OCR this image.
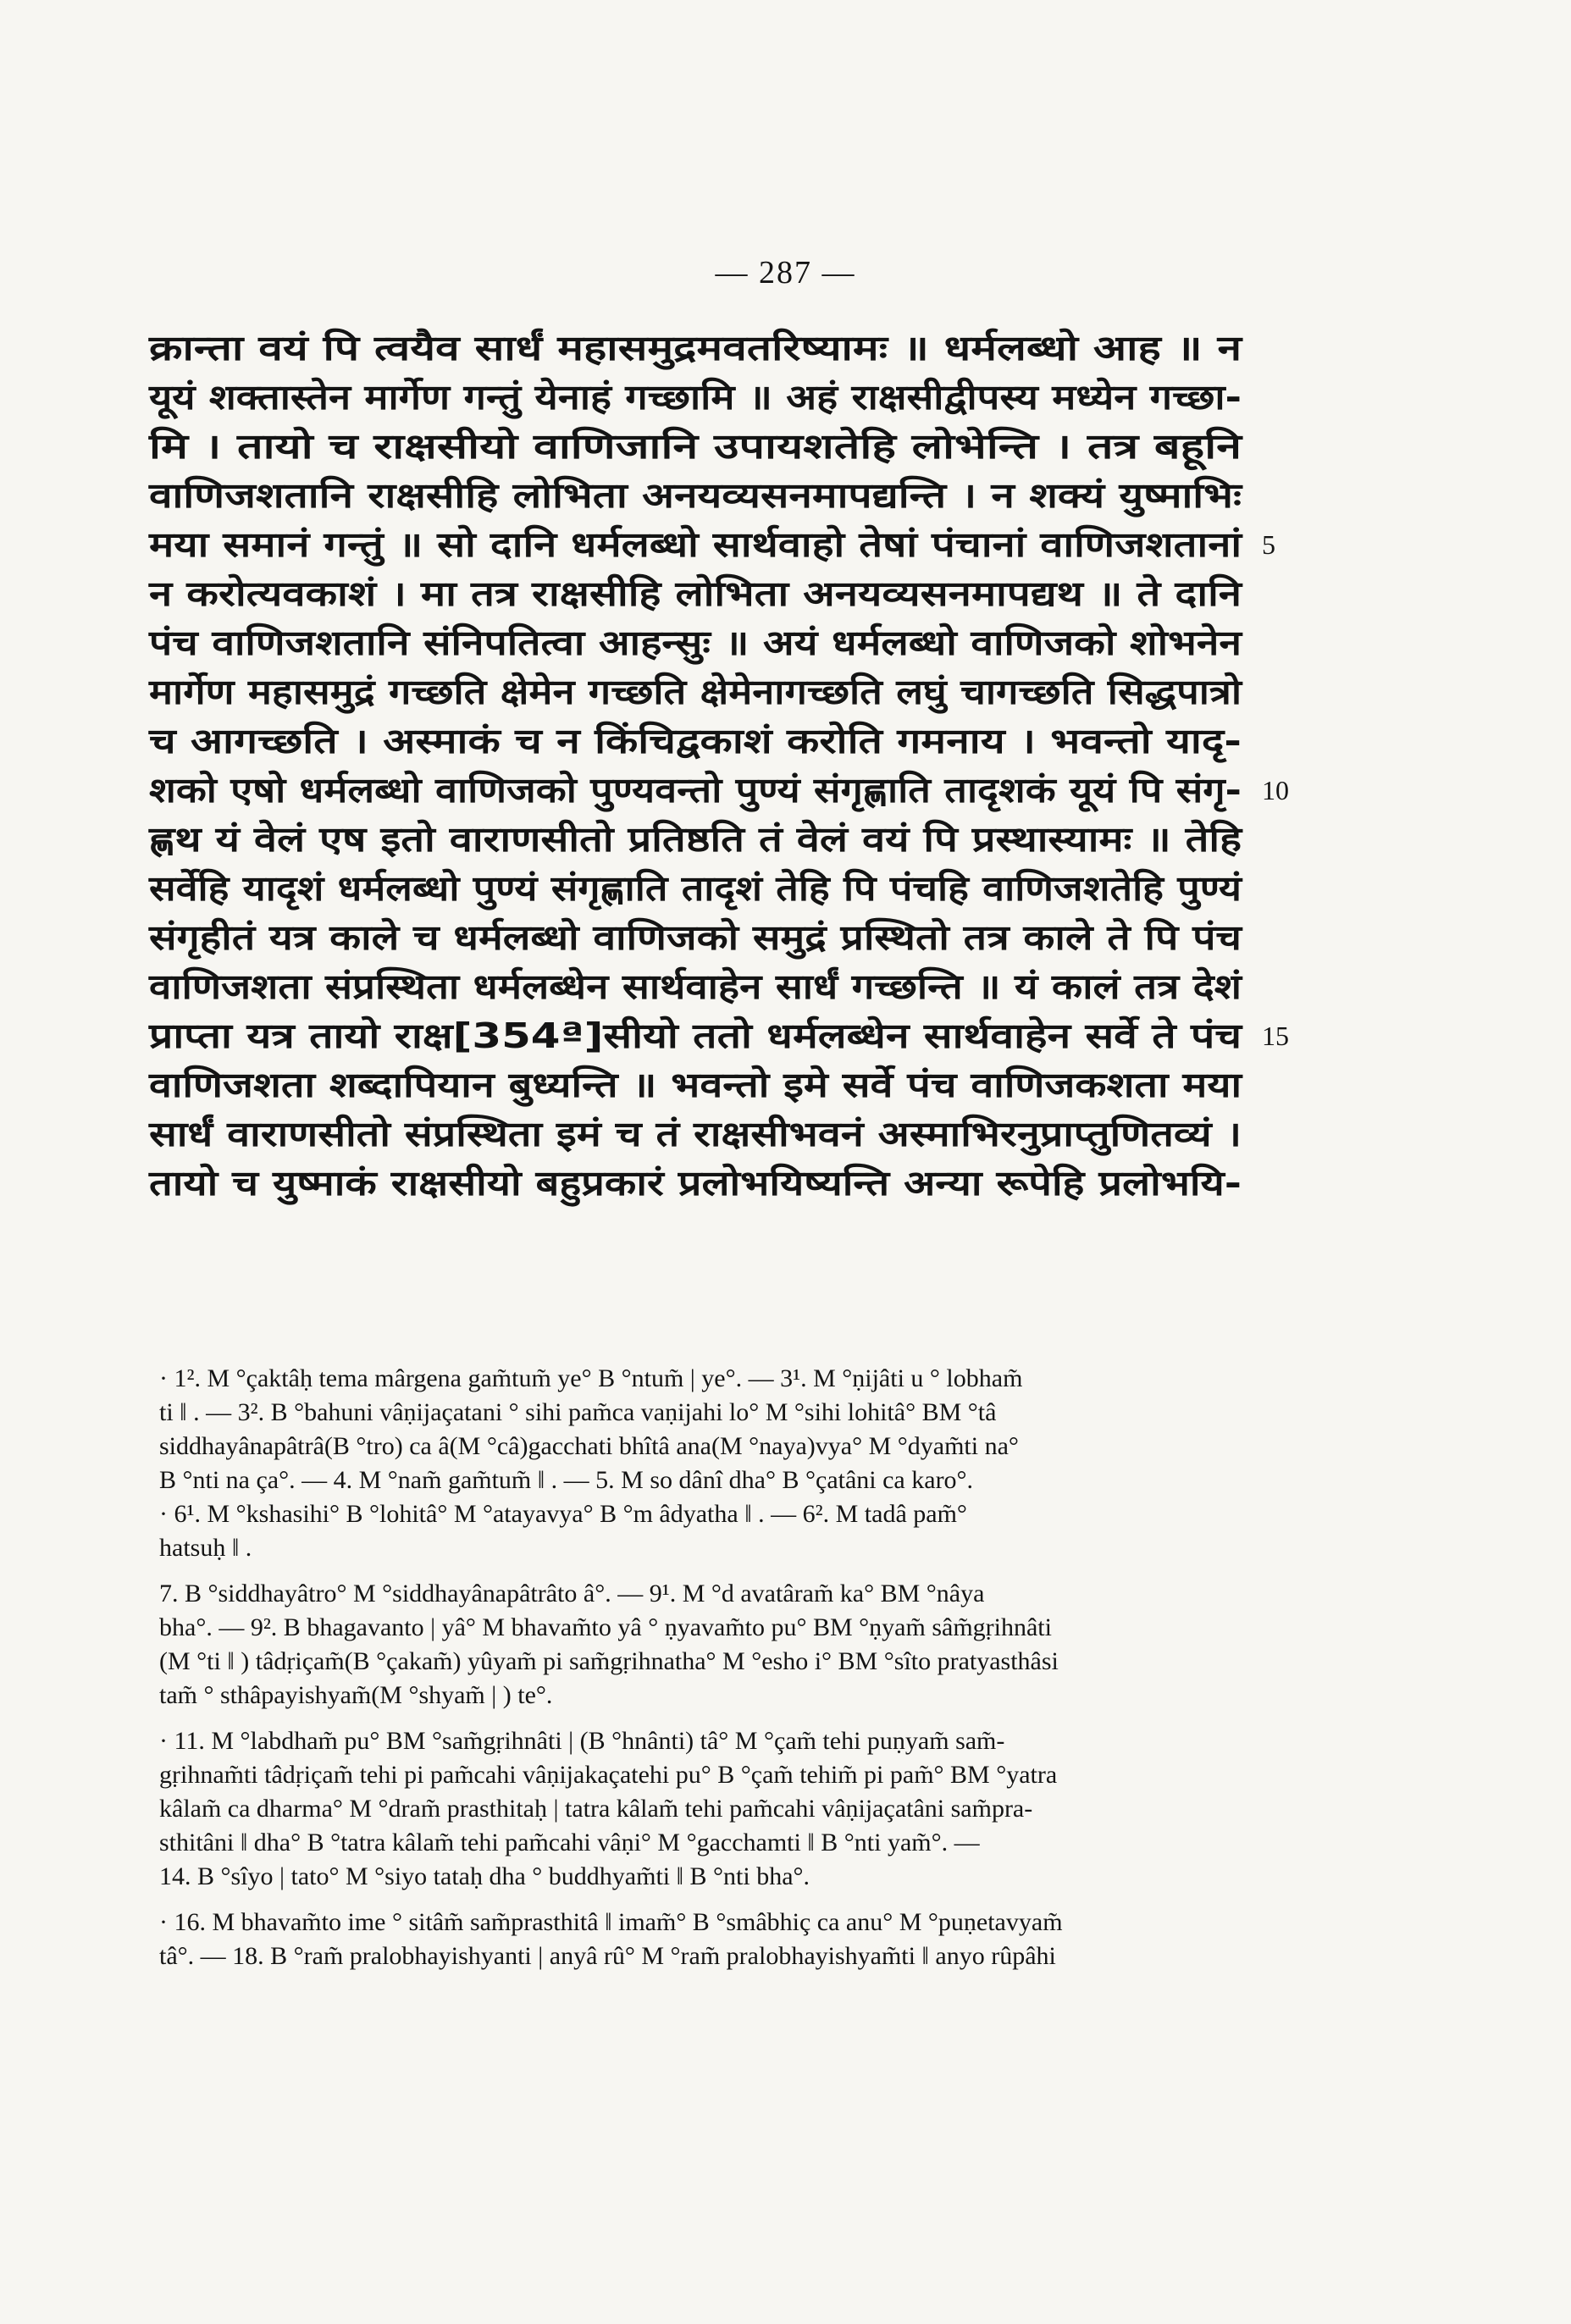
— 287 —
क्रान्ता वयं पि त्वयैव सार्धं महासमुद्रमवतरिष्यामः ॥ धर्मलब्धो आह ॥ न
यूयं शक्तास्तेन मार्गेण गन्तुं येनाहं गच्छामि ॥ अहं राक्षसीद्वीपस्य मध्येन गच्छा-
मि । तायो च राक्षसीयो वाणिजानि उपायशतेहि लोभेन्ति । तत्र बहूनि
वाणिजशतानि राक्षसीहि लोभिता अनयव्यसनमापद्यन्ति । न शक्यं युष्माभिः
मया समानं गन्तुं ॥ सो दानि धर्मलब्धो सार्थवाहो तेषां पंचानां वाणिजशतानां 5
न करोत्यवकाशं । मा तत्र राक्षसीहि लोभिता अनयव्यसनमापद्यथ ॥ ते दानि
पंच वाणिजशतानि संनिपतित्वा आहन्सुः ॥ अयं धर्मलब्धो वाणिजको शोभनेन
मार्गेण महासमुद्रं गच्छति क्षेमेन गच्छति क्षेमेनागच्छति लघुं चागच्छति सिद्धपात्रो
च आगच्छति । अस्माकं च न किंचिद्वकाशं करोति गमनाय । भवन्तो यादृ-
शको एषो धर्मलब्धो वाणिजको पुण्यवन्तो पुण्यं संगृह्णाति तादृशकं यूयं पि संगृ- 10
ह्णथ यं वेलं एष इतो वाराणसीतो प्रतिष्ठति तं वेलं वयं पि प्रस्थास्यामः ॥ तेहि
सर्वेहि यादृशं धर्मलब्धो पुण्यं संगृह्णाति तादृशं तेहि पि पंचहि वाणिजशतेहि पुण्यं
संगृहीतं यत्र काले च धर्मलब्धो वाणिजको समुद्रं प्रस्थितो तत्र काले ते पि पंच
वाणिजशता संप्रस्थिता धर्मलब्धेन सार्थवाहेन सार्धं गच्छन्ति ॥ यं कालं तत्र देशं
प्राप्ता यत्र तायो राक्ष[354ª]सीयो ततो धर्मलब्धेन सार्थवाहेन सर्वे ते पंच 15
वाणिजशता शब्दापियान बुध्यन्ति ॥ भवन्तो इमे सर्वे पंच वाणिजकशता मया
सार्धं वाराणसीतो संप्रस्थिता इमं च तं राक्षसीभवनं अस्माभिरनुप्राप्तुणितव्यं ।
तायो च युष्माकं राक्षसीयो बहुप्रकारं प्रलोभयिष्यन्ति अन्या रूपेहि प्रलोभयि-
· 1². M °çaktâḥ tema mârgena gam̃tum̃ ye° B °ntum̃ | ye°. — 3¹. M °ṇijâti u ° lobham̃
ti ‖ . — 3². B °bahuni vâṇijaçatani ° sihi pam̃ca vaṇijahi lo° M °sihi lohitâ° BM °tâ
siddhayânapâtrâ(B °tro) ca â(M °câ)gacchati bhîtâ ana(M °naya)vya° M °dyam̃ti na°
B °nti na ça°. — 4. M °nam̃ gam̃tum̃ ‖ . — 5. M so dânî dha° B °çatâni ca karo°.
· 6¹. M °kshasihi° B °lohitâ° M °atayavya° B °m âdyatha ‖ . — 6². M tadâ pam̃°
hatsuḥ ‖ .
7. B °siddhayâtro° M °siddhayânapâtrâto â°. — 9¹. M °d avatâram̃ ka° BM °nâya
bha°. — 9². B bhagavanto | yâ° M bhavam̃to yâ ° ṇyavam̃to pu° BM °ṇyam̃ sâm̃gṛihnâti
(M °ti ‖ ) tâdṛiçam̃(B °çakam̃) yûyam̃ pi sam̃gṛihnatha° M °esho i° BM °sîto pratyasthâsi
tam̃ ° sthâpayishyam̃(M °shyam̃ | ) te°.
· 11. M °labdham̃ pu° BM °sam̃gṛihnâti | (B °hnânti) tâ° M °çam̃ tehi puṇyam̃ sam̃-
gṛihnam̃ti tâdṛiçam̃ tehi pi pam̃cahi vâṇijakaçatehi pu° B °çam̃ tehim̃ pi pam̃° BM °yatra
kâlam̃ ca dharma° M °dram̃ prasthitaḥ | tatra kâlam̃ tehi pam̃cahi vâṇijaçatâni sam̃pra-
sthitâni ‖ dha° B °tatra kâlam̃ tehi pam̃cahi vâṇi° M °gacchamti ‖ B °nti yam̃°. —
14. B °sîyo | tato° M °siyo tataḥ dha ° buddhyam̃ti ‖ B °nti bha°.
· 16. M bhavam̃to ime ° sitâm̃ sam̃prasthitâ ‖ imam̃° B °smâbhiç ca anu° M °puṇetavyam̃
tâ°. — 18. B °ram̃ pralobhayishyanti | anyâ rû° M °ram̃ pralobhayishyam̃ti ‖ anyo rûpâhi
